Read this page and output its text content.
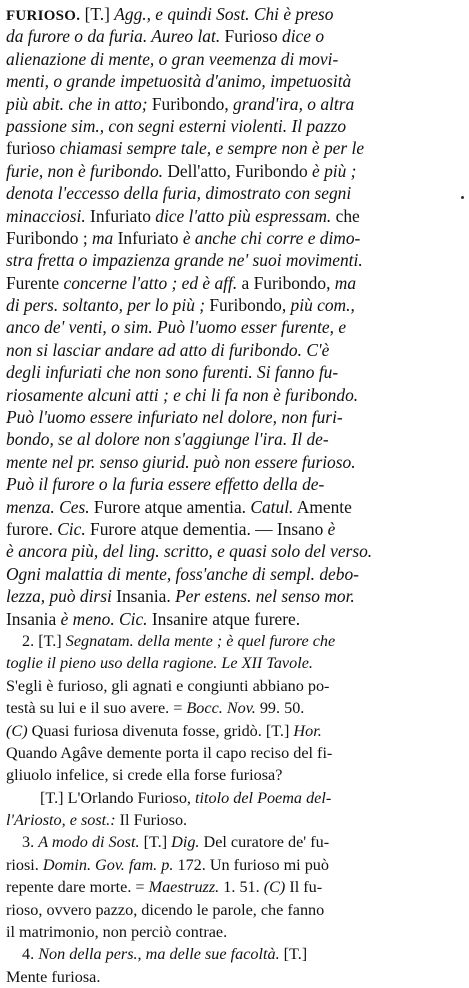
FURIOSO. [T.] Agg., e quindi Sost. Chi è preso
da furore o da furia. Aureo lat. Furioso dice o
alienazione di mente, o gran veemenza di movi-
menti, o grande impetuosità d'animo, impetuosità
più abit. che in atto; Furibondo, grand'ira, o altra
passione sim., con segni esterni violenti. Il pazzo
furioso chiamasi sempre tale, e sempre non è per le
furie, non è furibondo. Dell'atto, Furibondo è più ;
denota l'eccesso della furia, dimostrato con segni
minacciosi. Infuriato dice l'atto più espressam. che
Furibondo ; ma Infuriato è anche chi corre e dimo-
stra fretta o impazienza grande ne' suoi movimenti.
Furente concerne l'atto ; ed è aff. a Furibondo, ma
di pers. soltanto, per lo più ; Furibondo, più com.,
anco de' venti, o sim. Può l'uomo esser furente, e
non si lasciar andare ad atto di furibondo. C'è
degli infuriati che non sono furenti. Si fanno fu-
riosamente alcuni atti ; e chi li fa non è furibondo.
Può l'uomo essere infuriato nel dolore, non furi-
bondo, se al dolore non s'aggiunge l'ira. Il de-
mente nel pr. senso giurid. può non essere furioso.
Può il furore o la furia essere effetto della de-
menza. Ces. Furore atque amentia. Catul. Amente
furore. Cic. Furore atque dementia. — Insano è
è ancora più, del ling. scritto, e quasi solo del verso.
Ogni malattia di mente, foss'anche di sempl. debo-
lezza, può dirsi Insania. Per estens. nel senso mor.
Insania è meno. Cic. Insanire atque furere.
2. [T.] Segnatam. della mente ; è quel furore che
toglie il pieno uso della ragione. Le XII Tavole.
S'egli è furioso, gli agnati e congiunti abbiano po-
testà su lui e il suo avere. = Bocc. Nov. 99. 50.
(C) Quasi furiosa divenuta fosse, gridò. [T.] Hor.
Quando Agâve demente porta il capo reciso del fi-
gliuolo infelice, si crede ella forse furiosa?
[T.] L'Orlando Furioso, titolo del Poema del-
l'Ariosto, e sost.: Il Furioso.
3. A modo di Sost. [T.] Dig. Del curatore de' fu-
riosi. Domin. Gov. fam. p. 172. Un furioso mi può
repente dare morte. = Maestruzz. 1. 51. (C) Il fu-
rioso, ovvero pazzo, dicendo le parole, che fanno
il matrimonio, non perciò contrae.
4. Non della pers., ma delle sue facoltà. [T.]
Mente furiosa.
